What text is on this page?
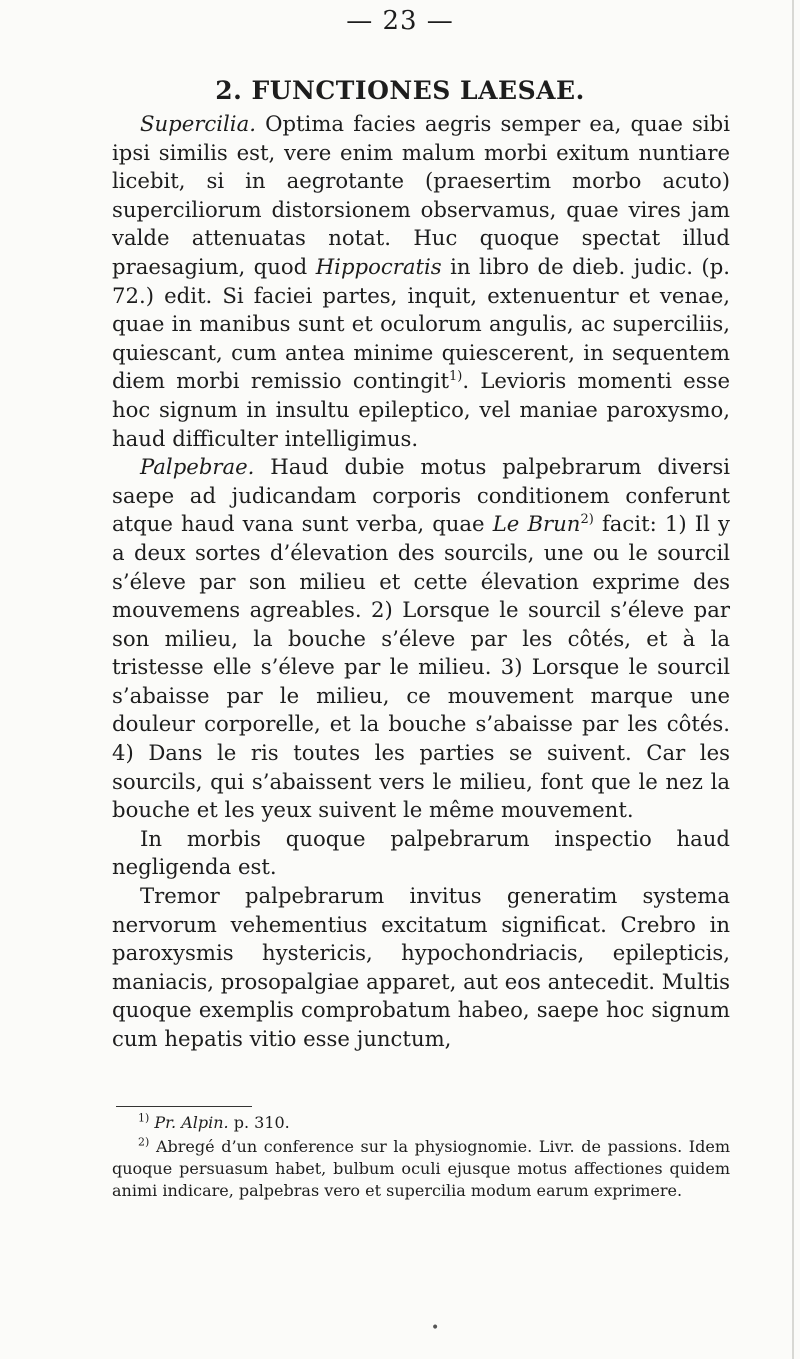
— 23 —
2. FUNCTIONES LAESAE.

Supercilia. Optima facies aegris semper ea, quae sibi ipsi similis est, vere enim malum morbi exitum nuntiare licebit, si in aegrotante (praesertim morbo acuto) superciliorum distorsionem observamus, quae vires jam valde attenuatas notat. Huc quoque spectat illud praesagium, quod Hippocratis in libro de dieb. judic. (p. 72.) edit. Si faciei partes, inquit, extenuentur et venae, quae in manibus sunt et oculorum angulis, ac superciliis, quiescant, cum antea minime quiescerent, in sequentem diem morbi remissio contingit$^{1)}$. Levioris momenti esse hoc signum in insultu epileptico, vel maniae paroxysmo, haud difficulter intelligimus.

Palpebrae. Haud dubie motus palpebrarum diversi saepe ad judicandam corporis conditionem conferunt atque haud vana sunt verba, quae Le Brun$^{2)}$ facit: 1) Il y a deux sortes d’élevation des sourcils, une ou le sourcil s’éleve par son milieu et cette élevation exprime des mouvemens agreables. 2) Lorsque le sourcil s’éleve par son milieu, la bouche s’éleve par les côtés, et à la tristesse elle s’éleve par le milieu. 3) Lorsque le sourcil s’abaisse par le milieu, ce mouvement marque une douleur corporelle, et la bouche s’abaisse par les côtés. 4) Dans le ris toutes les parties se suivent. Car les sourcils, qui s’abaissent vers le milieu, font que le nez la bouche et les yeux suivent le même mouvement.

In morbis quoque palpebrarum inspectio haud negligenda est.

Tremor palpebrarum invitus generatim systema nervorum vehementius excitatum significat. Crebro in paroxysmis hystericis, hypochondriacis, epilepticis, maniacis, prosopalgiae apparet, aut eos antecedit. Multis quoque exemplis comprobatum habeo, saepe hoc signum cum hepatis vitio esse junctum,

$^{1)}$ Pr. Alpin. p. 310.

$^{2)}$ Abregé d’un conference sur la physiognomie. Livr. de passions. Idem quoque persuasum habet, bulbum oculi ejusque motus affectiones quidem animi indicare, palpebras vero et supercilia modum earum exprimere.

•
